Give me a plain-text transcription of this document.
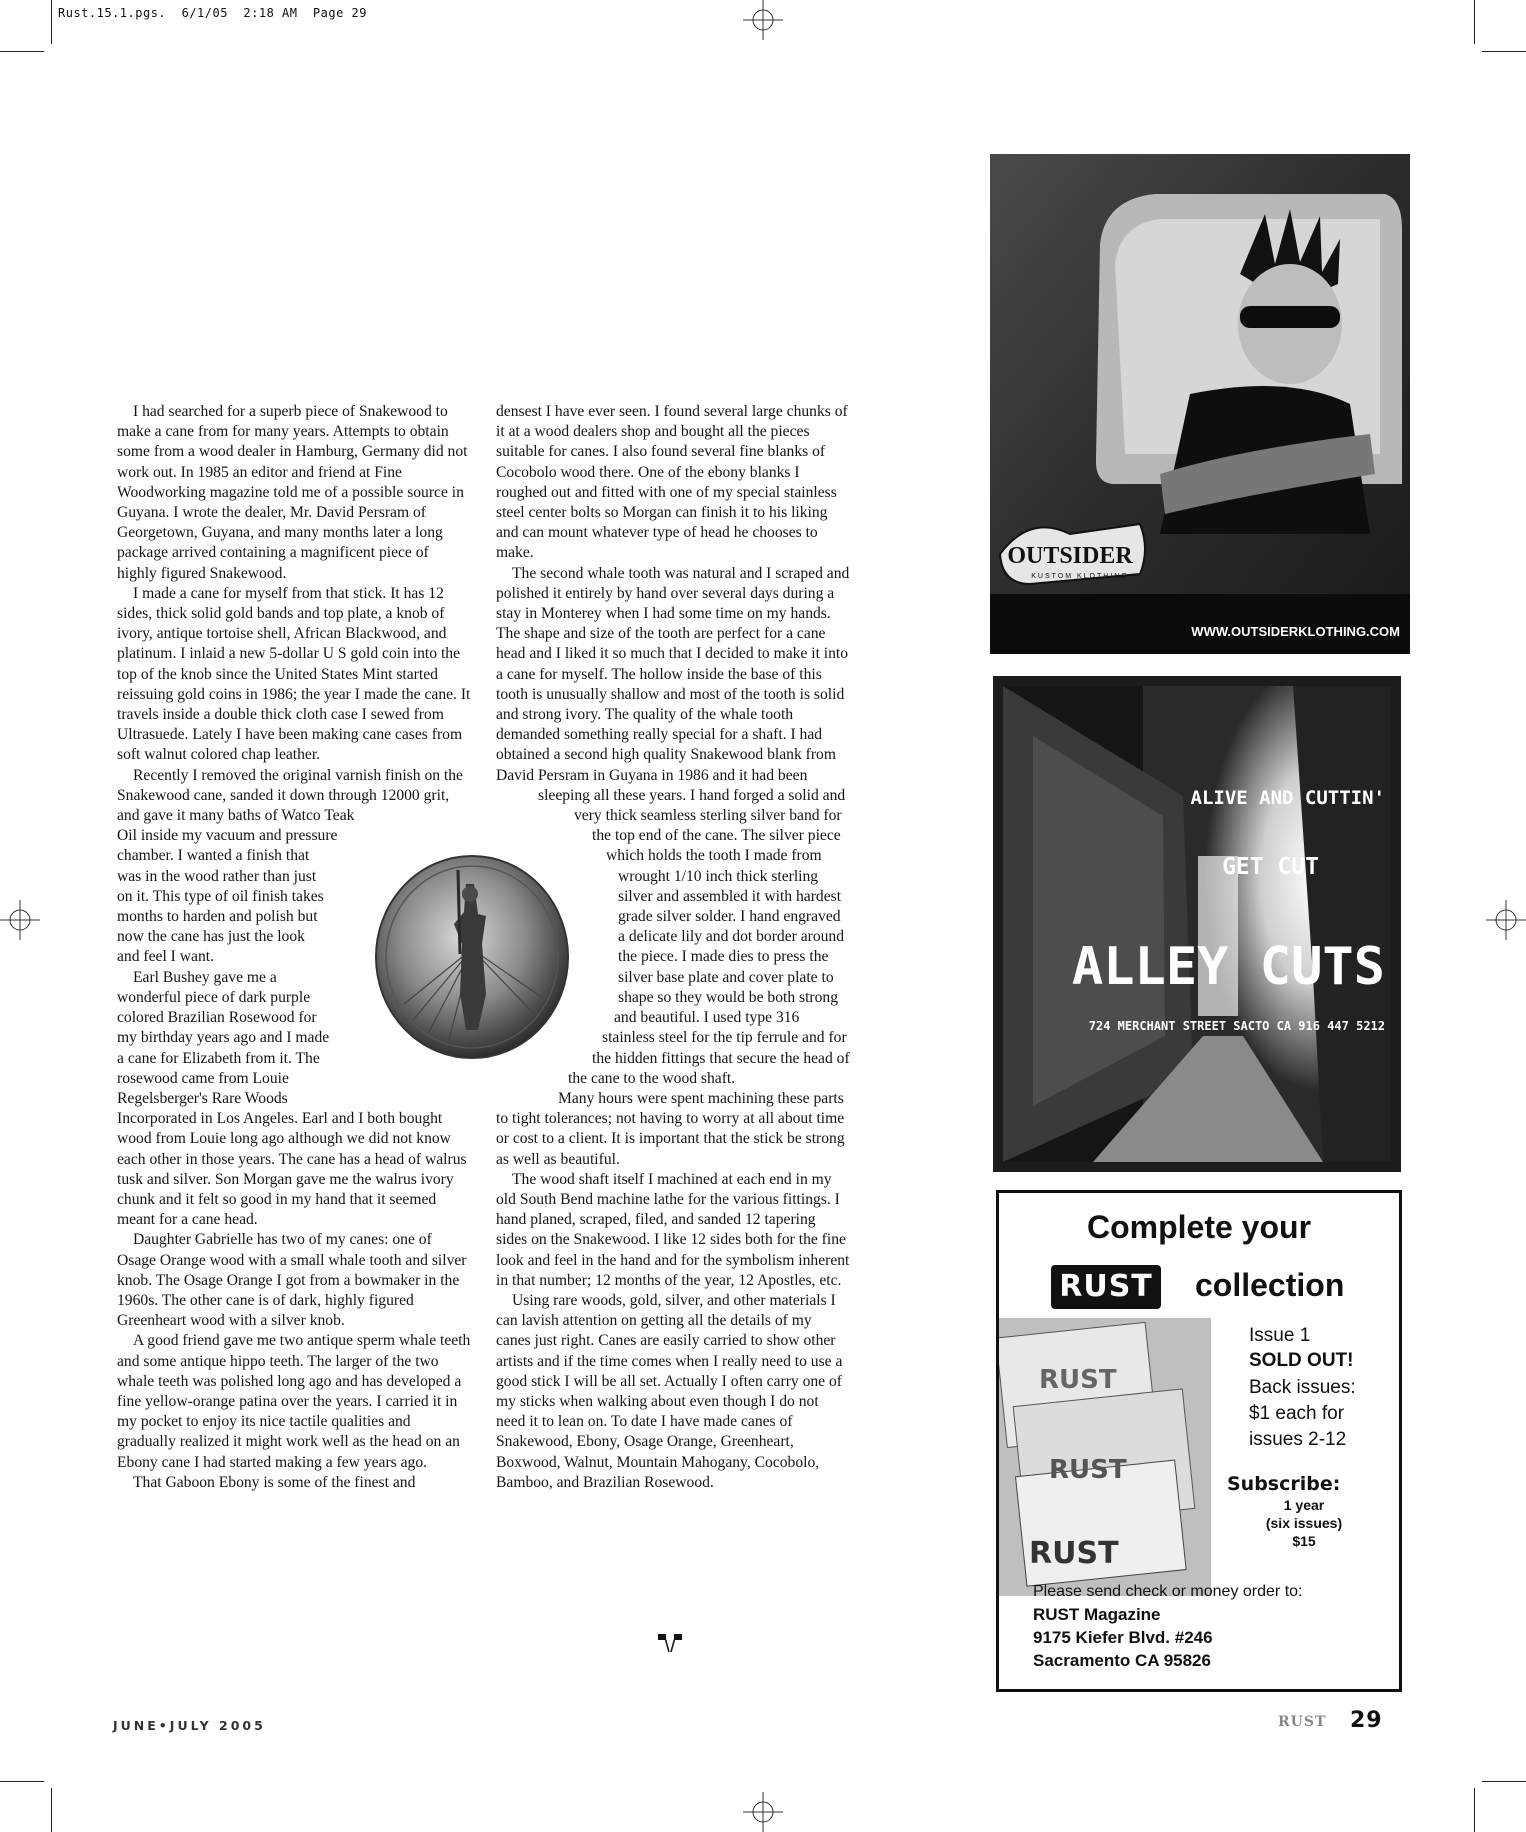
Rust.15.1.pgs.  6/1/05  2:18 AM  Page 29

I had searched for a superb piece of Snakewood to make a cane from for many years. Attempts to obtain some from a wood dealer in Hamburg, Germany did not work out. In 1985 an editor and friend at Fine Woodworking magazine told me of a possible source in Guyana. I wrote the dealer, Mr. David Persram of Georgetown, Guyana, and many months later a long package arrived containing a magnificent piece of highly figured Snakewood.

I made a cane for myself from that stick. It has 12 sides, thick solid gold bands and top plate, a knob of ivory, antique tortoise shell, African Blackwood, and platinum. I inlaid a new 5-dollar U S gold coin into the top of the knob since the United States Mint started reissuing gold coins in 1986; the year I made the cane. It travels inside a double thick cloth case I sewed from Ultrasuede. Lately I have been making cane cases from soft walnut colored chap leather.

Recently I removed the original varnish finish on the Snakewood cane, sanded it down through 12000 grit, and gave it many baths of Watco Teak Oil inside my vacuum and pressure chamber. I wanted a finish that was in the wood rather than just on it. This type of oil finish takes months to harden and polish but now the cane has just the look and feel I want.

Earl Bushey gave me a wonderful piece of dark purple colored Brazilian Rosewood for my birthday years ago and I made a cane for Elizabeth from it. The rosewood came from Louie Regelsberger's Rare Woods Incorporated in Los Angeles. Earl and I both bought wood from Louie long ago although we did not know each other in those years. The cane has a head of walrus tusk and silver. Son Morgan gave me the walrus ivory chunk and it felt so good in my hand that it seemed meant for a cane head.

Daughter Gabrielle has two of my canes: one of Osage Orange wood with a small whale tooth and silver knob. The Osage Orange I got from a bowmaker in the 1960s. The other cane is of dark, highly figured Greenheart wood with a silver knob.

A good friend gave me two antique sperm whale teeth and some antique hippo teeth. The larger of the two whale teeth was polished long ago and has developed a fine yellow-orange patina over the years. I carried it in my pocket to enjoy its nice tactile qualities and gradually realized it might work well as the head on an Ebony cane I had started making a few years ago.

That Gaboon Ebony is some of the finest and

densest I have ever seen. I found several large chunks of it at a wood dealers shop and bought all the pieces suitable for canes. I also found several fine blanks of Cocobolo wood there. One of the ebony blanks I roughed out and fitted with one of my special stainless steel center bolts so Morgan can finish it to his liking and can mount whatever type of head he chooses to make.

The second whale tooth was natural and I scraped and polished it entirely by hand over several days during a stay in Monterey when I had some time on my hands. The shape and size of the tooth are perfect for a cane head and I liked it so much that I decided to make it into a cane for myself. The hollow inside the base of this tooth is unusually shallow and most of the tooth is solid and strong ivory. The quality of the whale tooth demanded something really special for a shaft. I had obtained a second high quality Snakewood blank from David Persram in Guyana in 1986 and it had been sleeping all these years. I hand forged a solid and very thick seamless sterling silver band for the top end of the cane. The silver piece which holds the tooth I made from wrought 1/10 inch thick sterling silver and assembled it with hardest grade silver solder. I hand engraved a delicate lily and dot border around the piece. I made dies to press the silver base plate and cover plate to shape so they would be both strong and beautiful. I used type 316 stainless steel for the tip ferrule and for the hidden fittings that secure the head of the cane to the wood shaft.

Many hours were spent machining these parts to tight tolerances; not having to worry at all about time or cost to a client. It is important that the stick be strong as well as beautiful.

The wood shaft itself I machined at each end in my old South Bend machine lathe for the various fittings. I hand planed, scraped, filed, and sanded 12 tapering sides on the Snakewood. I like 12 sides both for the fine look and feel in the hand and for the symbolism inherent in that number; 12 months of the year, 12 Apostles, etc.

Using rare woods, gold, silver, and other materials I can lavish attention on getting all the details of my canes just right. Canes are easily carried to show other artists and if the time comes when I really need to use a good stick I will be all set. Actually I often carry one of my sticks when walking about even though I do not need it to lean on. To date I have made canes of Snakewood, Ebony, Osage Orange, Greenheart, Boxwood, Walnut, Mountain Mahogany, Cocobolo, Bamboo, and Brazilian Rosewood.

OUTSIDER
KUSTOM KLOTHING
WWW.OUTSIDERKLOTHING.COM
ALIVE AND CUTTIN'
GET CUT
ALLEY CUTS
724 MERCHANT STREET SACTO CA 916 447 5212
Complete your
RUST collection
RUST
RUST
RUST
Issue 1
SOLD OUT!
Back issues:
$1 each for
issues 2-12
Subscribe:
1 year
(six issues)
$15
Please send check or money order to:
RUST Magazine
9175 Kiefer Blvd. #246
Sacramento CA 95826
JUNE•JULY 2005	RUST 29
